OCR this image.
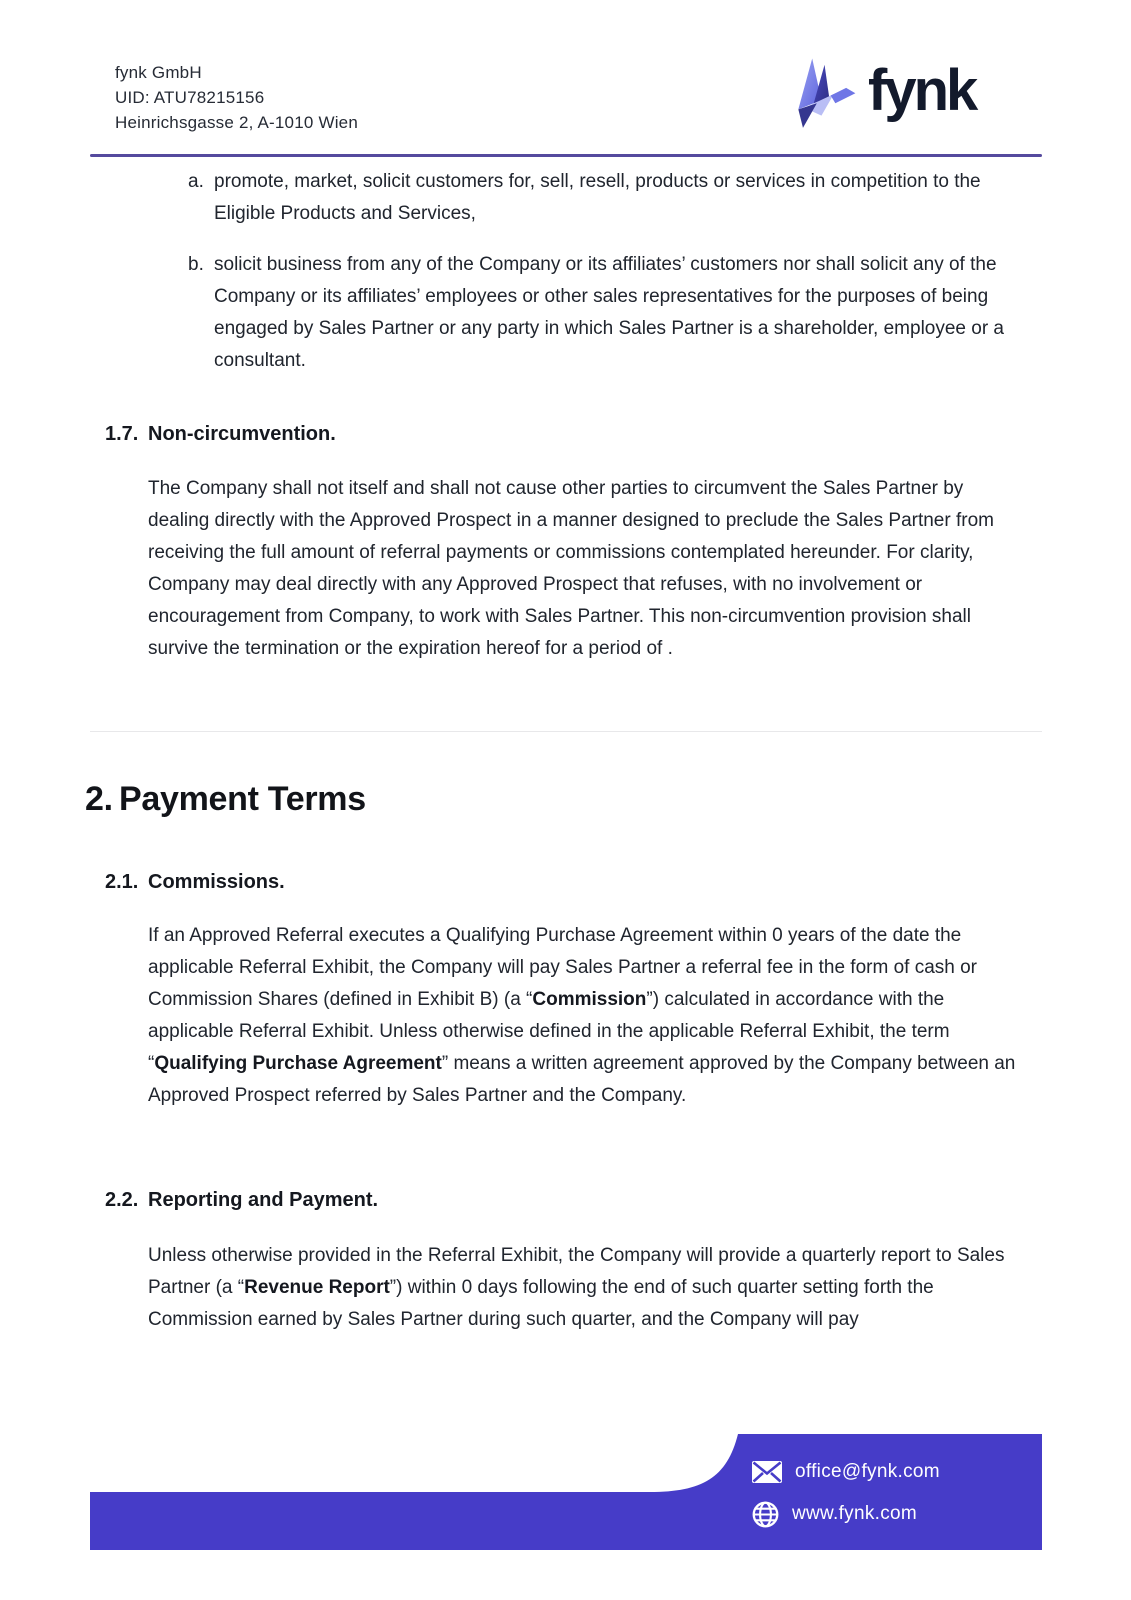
fynk GmbH
UID: ATU78215156
Heinrichsgasse 2, A-1010 Wien	fynk
a. promote, market, solicit customers for, sell, resell, products or services in competition to the Eligible Products and Services,
b. solicit business from any of the Company or its affiliates’ customers nor shall solicit any of the Company or its affiliates’ employees or other sales representatives for the purposes of being engaged by Sales Partner or any party in which Sales Partner is a shareholder, employee or a consultant.
1.7. Non-circumvention.
The Company shall not itself and shall not cause other parties to circumvent the Sales Partner by dealing directly with the Approved Prospect in a manner designed to preclude the Sales Partner from receiving the full amount of referral payments or commissions contemplated hereunder. For clarity, Company may deal directly with any Approved Prospect that refuses, with no involvement or encouragement from Company, to work with Sales Partner. This non-circumvention provision shall survive the termination or the expiration hereof for a period of .
2. Payment Terms
2.1. Commissions.
If an Approved Referral executes a Qualifying Purchase Agreement within 0 years of the date the applicable Referral Exhibit, the Company will pay Sales Partner a referral fee in the form of cash or Commission Shares (defined in Exhibit B) (a “Commission”) calculated in accordance with the applicable Referral Exhibit. Unless otherwise defined in the applicable Referral Exhibit, the term “Qualifying Purchase Agreement” means a written agreement approved by the Company between an Approved Prospect referred by Sales Partner and the Company.
2.2. Reporting and Payment.
Unless otherwise provided in the Referral Exhibit, the Company will provide a quarterly report to Sales Partner (a “Revenue Report”) within 0 days following the end of such quarter setting forth the Commission earned by Sales Partner during such quarter, and the Company will pay
office@fynk.com
www.fynk.com
